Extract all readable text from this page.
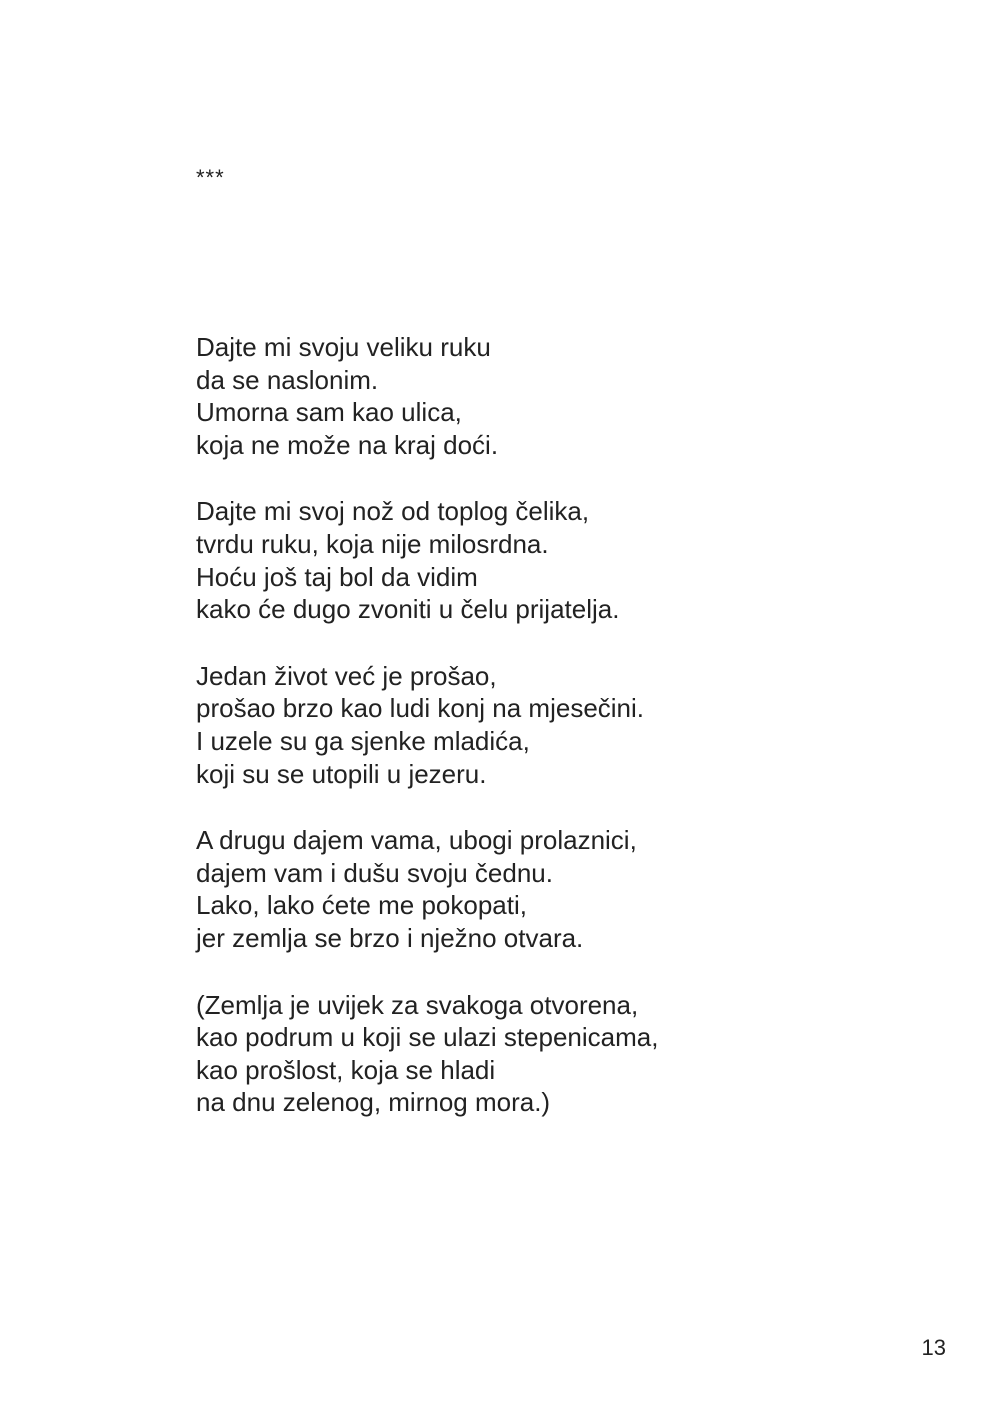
***
Dajte mi svoju veliku ruku
da se naslonim.
Umorna sam kao ulica,
koja ne može na kraj doći.
Dajte mi svoj nož od toplog čelika,
tvrdu ruku, koja nije milosrdna.
Hoću još taj bol da vidim
kako će dugo zvoniti u čelu prijatelja.
Jedan život već je prošao,
prošao brzo kao ludi konj na mjesečini.
I uzele su ga sjenke mladića,
koji su se utopili u jezeru.
A drugu dajem vama, ubogi prolaznici,
dajem vam i dušu svoju čednu.
Lako, lako ćete me pokopati,
jer zemlja se brzo i nježno otvara.
(Zemlja je uvijek za svakoga otvorena,
kao podrum u koji se ulazi stepenicama,
kao prošlost, koja se hladi
na dnu zelenog, mirnog mora.)
13
